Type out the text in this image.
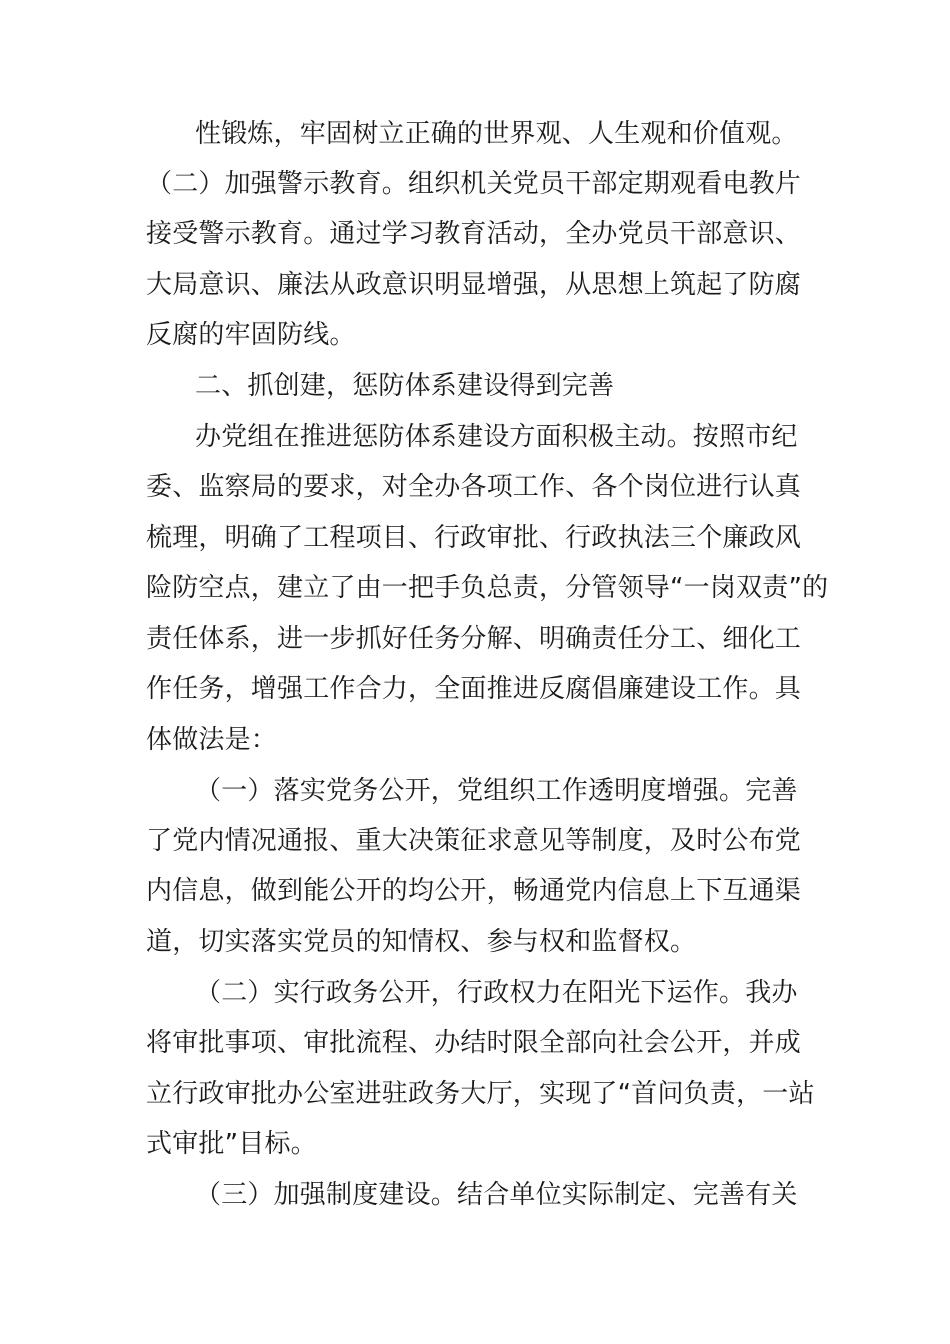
性锻炼，牢固树立正确的世界观、人生观和价值观。
（二）加强警示教育。组织机关党员干部定期观看电教片
接受警示教育。通过学习教育活动，全办党员干部意识、
大局意识、廉法从政意识明显增强，从思想上筑起了防腐
反腐的牢固防线。
二、抓创建，惩防体系建设得到完善
办党组在推进惩防体系建设方面积极主动。按照市纪
委、监察局的要求，对全办各项工作、各个岗位进行认真
梳理，明确了工程项目、行政审批、行政执法三个廉政风
险防空点，建立了由一把手负总责，分管领导“一岗双责”的
责任体系，进一步抓好任务分解、明确责任分工、细化工
作任务，增强工作合力，全面推进反腐倡廉建设工作。具
体做法是：
（一）落实党务公开，党组织工作透明度增强。完善
了党内情况通报、重大决策征求意见等制度，及时公布党
内信息，做到能公开的均公开，畅通党内信息上下互通渠
道，切实落实党员的知情权、参与权和监督权。
（二）实行政务公开，行政权力在阳光下运作。我办
将审批事项、审批流程、办结时限全部向社会公开，并成
立行政审批办公室进驻政务大厅，实现了“首问负责，一站
式审批”目标。
（三）加强制度建设。结合单位实际制定、完善有关
